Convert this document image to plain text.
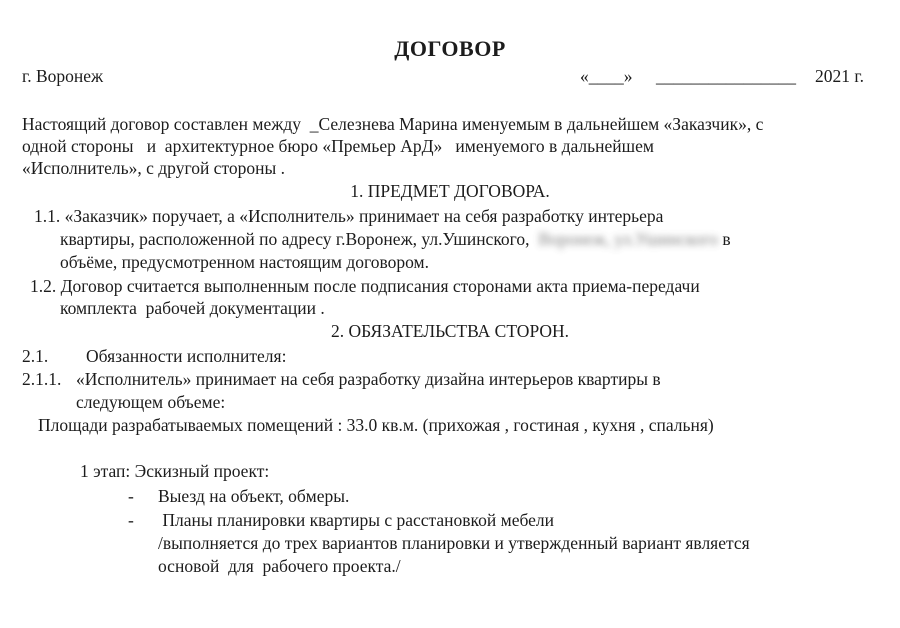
ДОГОВОР
г. Воронеж	«____» ________________ 2021 г.
Настоящий договор составлен между  _Селезнева Марина именуемым в дальнейшем «Заказчик», с
одной стороны   и  архитектурное бюро «Премьер АрД»   именуемого в дальнейшем
«Исполнитель», с другой стороны .
1. ПРЕДМЕТ ДОГОВОРА.
1.1. «Заказчик» поручает, а «Исполнитель» принимает на себя разработку интерьера
квартиры, расположенной по адресу г.Воронеж, ул.Ушинского, Воронеж, ул.Ушинского в
объёме, предусмотренном настоящим договором.
1.2. Договор считается выполненным после подписания сторонами акта приема-передачи
комплекта  рабочей документации .
2. ОБЯЗАТЕЛЬСТВА СТОРОН.
2.1. Обязанности исполнителя:
2.1.1. «Исполнитель» принимает на себя разработку дизайна интерьеров квартиры в
следующем объеме:
Площади разрабатываемых помещений : 33.0 кв.м. (прихожая , гостиная , кухня , спальня)
1 этап: Эскизный проект:
- Выезд на объект, обмеры.
- Планы планировки квартиры с расстановкой мебели
/выполняется до трех вариантов планировки и утвержденный вариант является
основой  для  рабочего проекта./
